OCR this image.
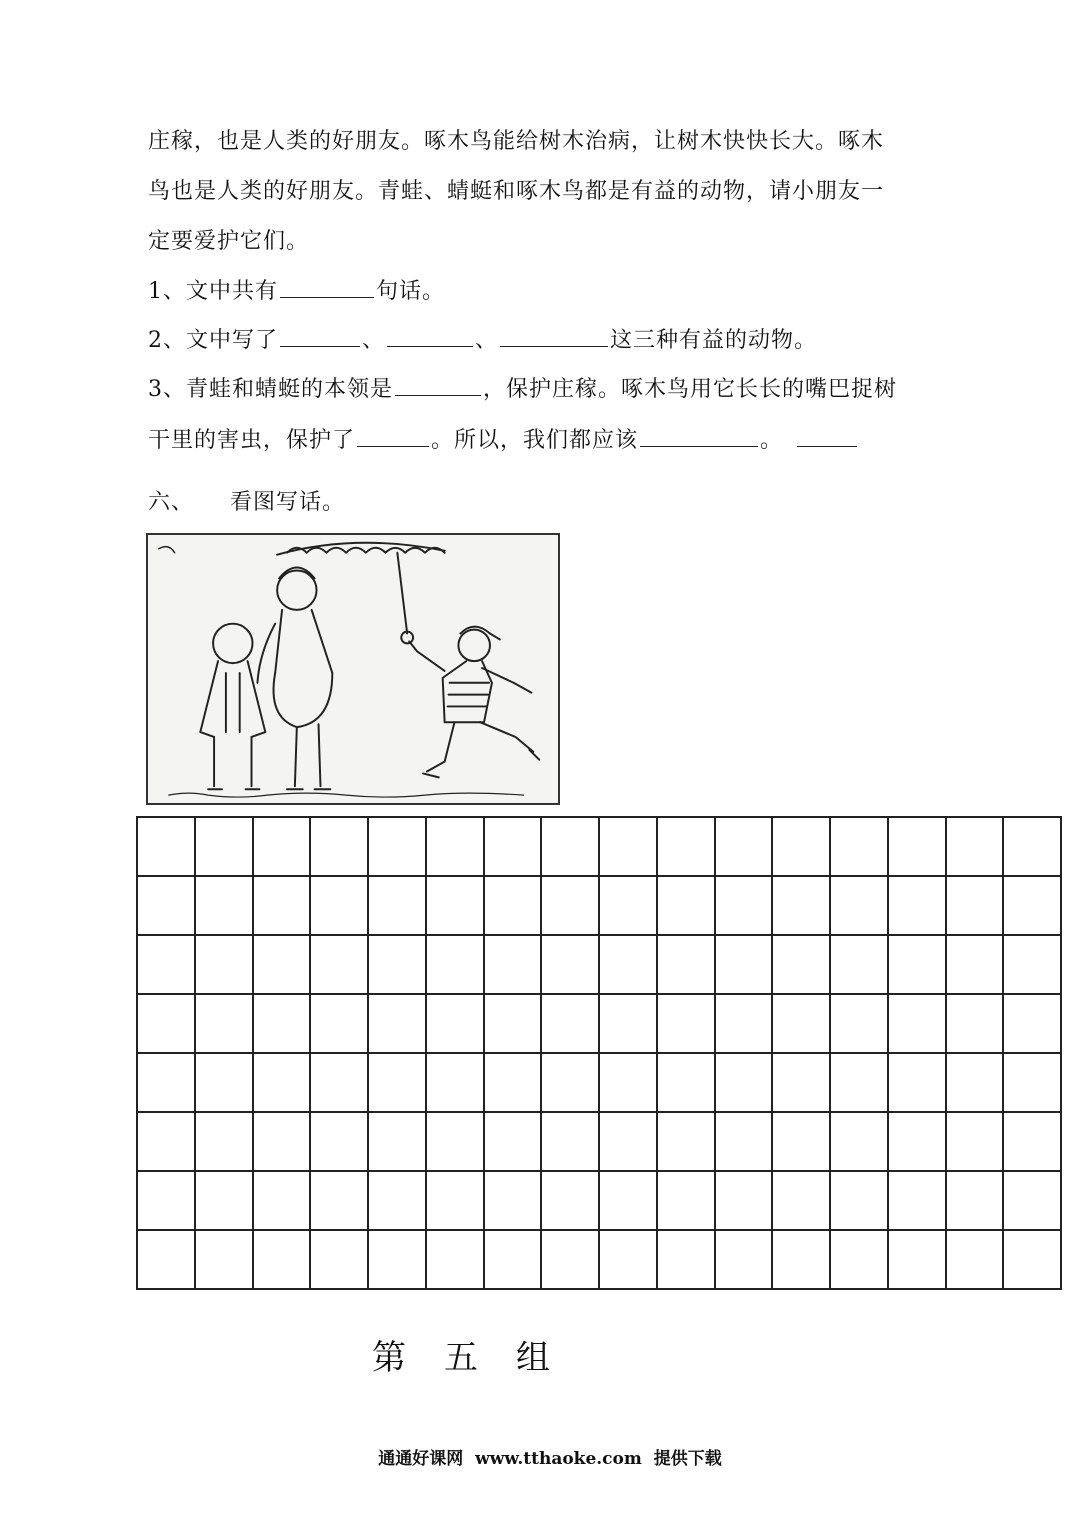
庄稼，也是人类的好朋友。啄木鸟能给树木治病，让树木快快长大。啄木
鸟也是人类的好朋友。青蛙、蜻蜓和啄木鸟都是有益的动物，请小朋友一
定要爱护它们。
1、文中共有	句话。
2、文中写了	、	、	这三种有益的动物。
3、青蛙和蜻蜓的本领是	，保护庄稼。啄木鸟用它长长的嘴巴捉树
干里的害虫，保护了	。所以，我们都应该	。
六、 看图写话。
第五组
通通好课网 www.tthaoke.com 提供下载
